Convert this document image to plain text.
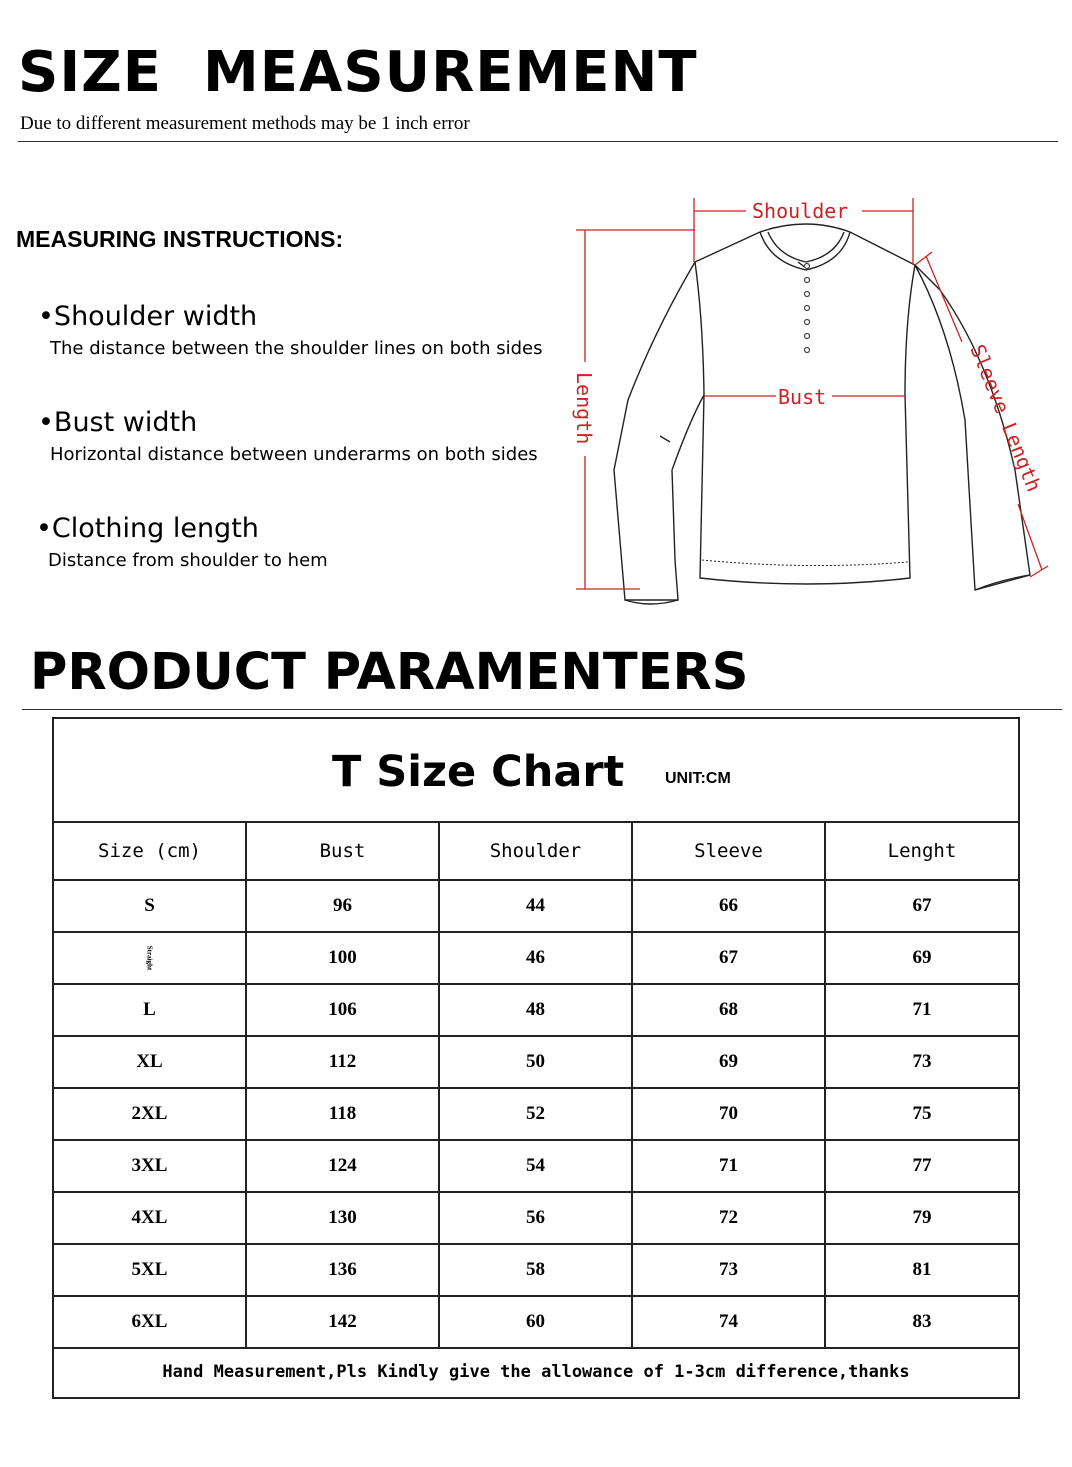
SIZE  MEASUREMENT
Due to different measurement methods may be 1 inch error
MEASURING INSTRUCTIONS:
•Shoulder width
The distance between the shoulder lines on both sides
•Bust width
Horizontal distance between underarms on both sides
•Clothing length
Distance from shoulder to hem
Shoulder
Bust
Length	Sleeve Length
PRODUCT PARAMENTERS
T Size Chart	UNIT:CM
Size (cm)	Bust	Shoulder	Sleeve	Lenght
S	96	44	66	67
Straight	100	46	67	69
L	106	48	68	71
XL	112	50	69	73
2XL	118	52	70	75
3XL	124	54	71	77
4XL	130	56	72	79
5XL	136	58	73	81
6XL	142	60	74	83
Hand Measurement,Pls Kindly give the allowance of 1-3cm difference,thanks
